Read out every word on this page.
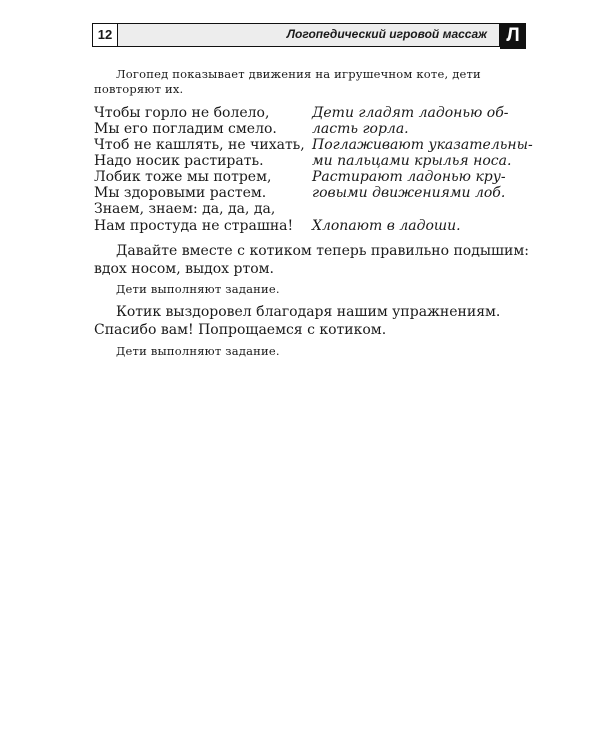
12	Логопедический игровой массаж	Л
Логопед показывает движения на игрушечном коте, дети повторяют их.
Чтобы горло не болело,	Дети гладят ладонью об-
Мы его погладим смело.	ласть горла.
Чтоб не кашлять, не чихать, Поглаживают указательны-
Надо носик растирать.	ми пальцами крылья носа.
Лобик тоже мы потрем,	Растирают ладонью кру-
Мы здоровыми растем.	говыми движениями лоб.
Знаем, знаем: да, да, да,
Нам простуда не страшна!	Хлопают в ладоши.
Давайте вместе с котиком теперь правильно подышим: вдох носом, выдох ртом.
Дети выполняют задание.
Котик выздоровел благодаря нашим упражнениям. Спасибо вам! Попрощаемся с котиком.
Дети выполняют задание.
